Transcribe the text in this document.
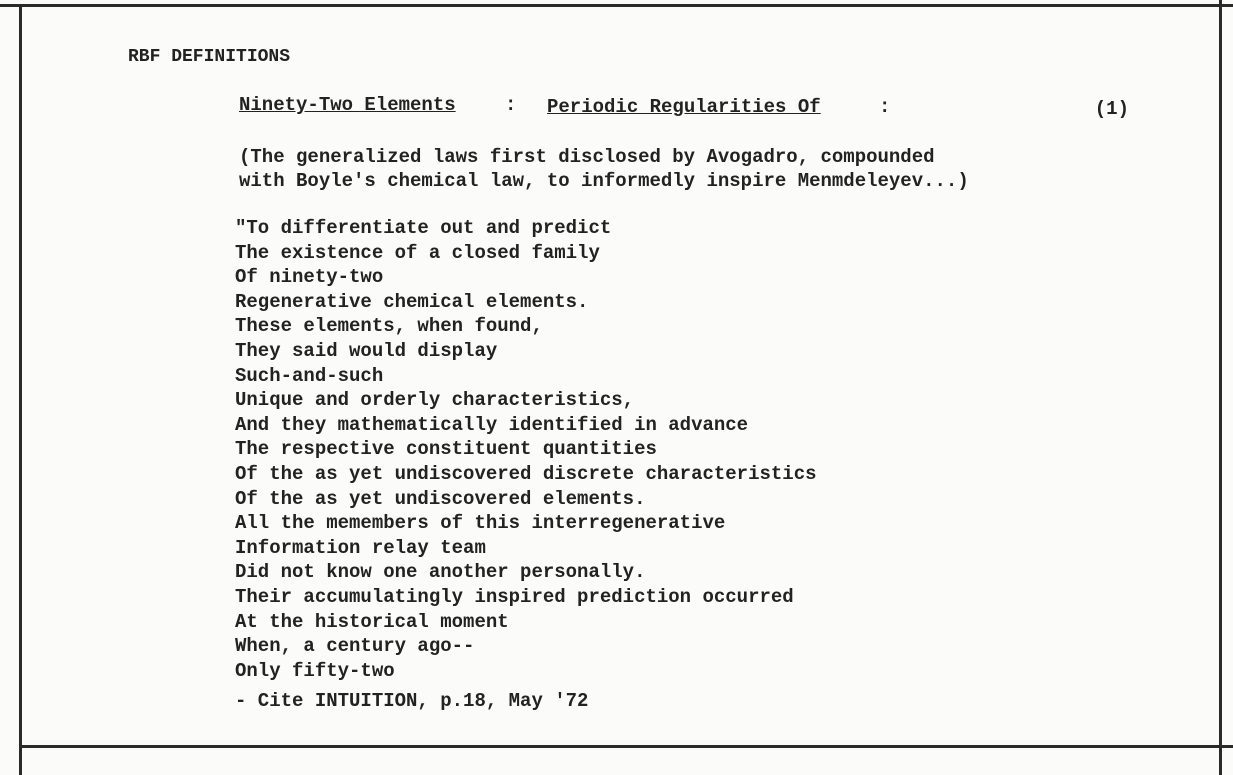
RBF DEFINITIONS
Ninety-Two Elements	: Periodic Regularities Of	:	(1)
(The generalized laws first disclosed by Avogadro, compounded
with Boyle's chemical law, to informedly inspire Menmdeleyev...)
"To differentiate out and predict
The existence of a closed family
Of ninety-two
Regenerative chemical elements.
These elements, when found,
They said would display
Such-and-such
Unique and orderly characteristics,
And they mathematically identified in advance
The respective constituent quantities
Of the as yet undiscovered discrete characteristics
Of the as yet undiscovered elements.
All the memembers of this interregenerative
Information relay team
Did not know one another personally.
Their accumulatingly inspired prediction occurred
At the historical moment
When, a century ago--
Only fifty-two
- Cite INTUITION, p.18, May '72
